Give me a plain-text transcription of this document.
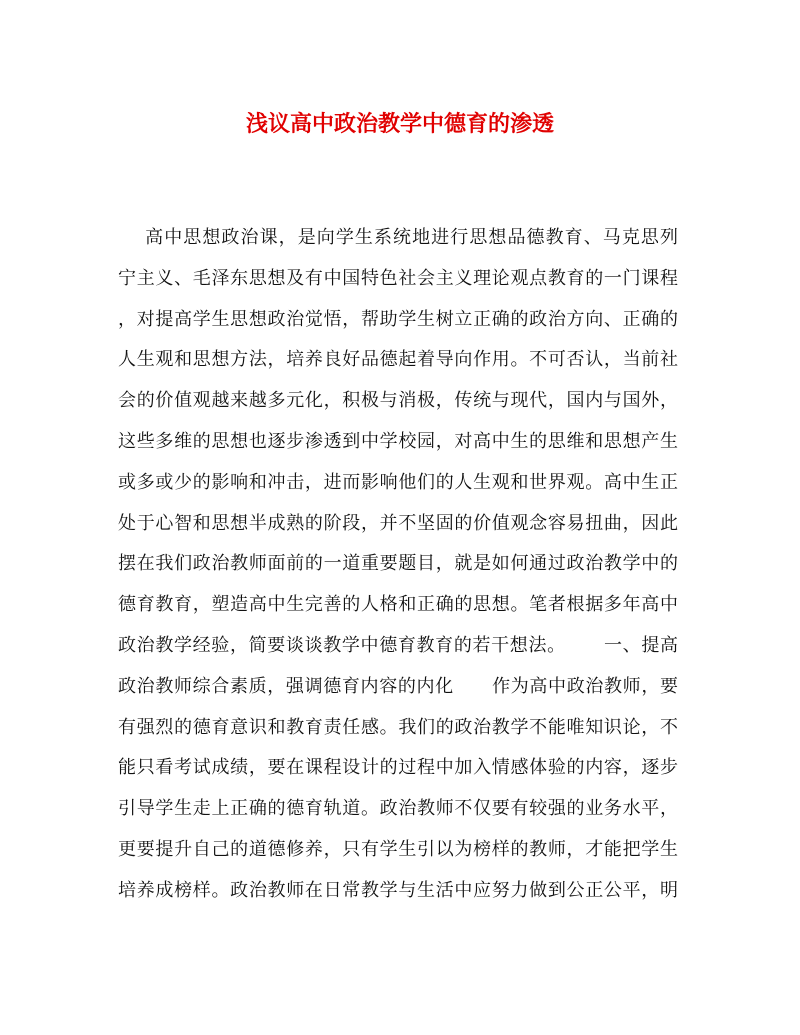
浅议高中政治教学中德育的渗透
高中思想政治课，是向学生系统地进行思想品德教育、马克思列
宁主义、毛泽东思想及有中国特色社会主义理论观点教育的一门课程
，对提高学生思想政治觉悟，帮助学生树立正确的政治方向、正确的
人生观和思想方法，培养良好品德起着导向作用。不可否认，当前社
会的价值观越来越多元化，积极与消极，传统与现代，国内与国外，
这些多维的思想也逐步渗透到中学校园，对高中生的思维和思想产生
或多或少的影响和冲击，进而影响他们的人生观和世界观。高中生正
处于心智和思想半成熟的阶段，并不坚固的价值观念容易扭曲，因此
摆在我们政治教师面前的一道重要题目，就是如何通过政治教学中的
德育教育，塑造高中生完善的人格和正确的思想。笔者根据多年高中
政治教学经验，简要谈谈教学中德育教育的若干想法。      一、提高
政治教师综合素质，强调德育内容的内化      作为高中政治教师，要
有强烈的德育意识和教育责任感。我们的政治教学不能唯知识论，不
能只看考试成绩，要在课程设计的过程中加入情感体验的内容，逐步
引导学生走上正确的德育轨道。政治教师不仅要有较强的业务水平，
更要提升自己的道德修养，只有学生引以为榜样的教师，才能把学生
培养成榜样。政治教师在日常教学与生活中应努力做到公正公平，明
